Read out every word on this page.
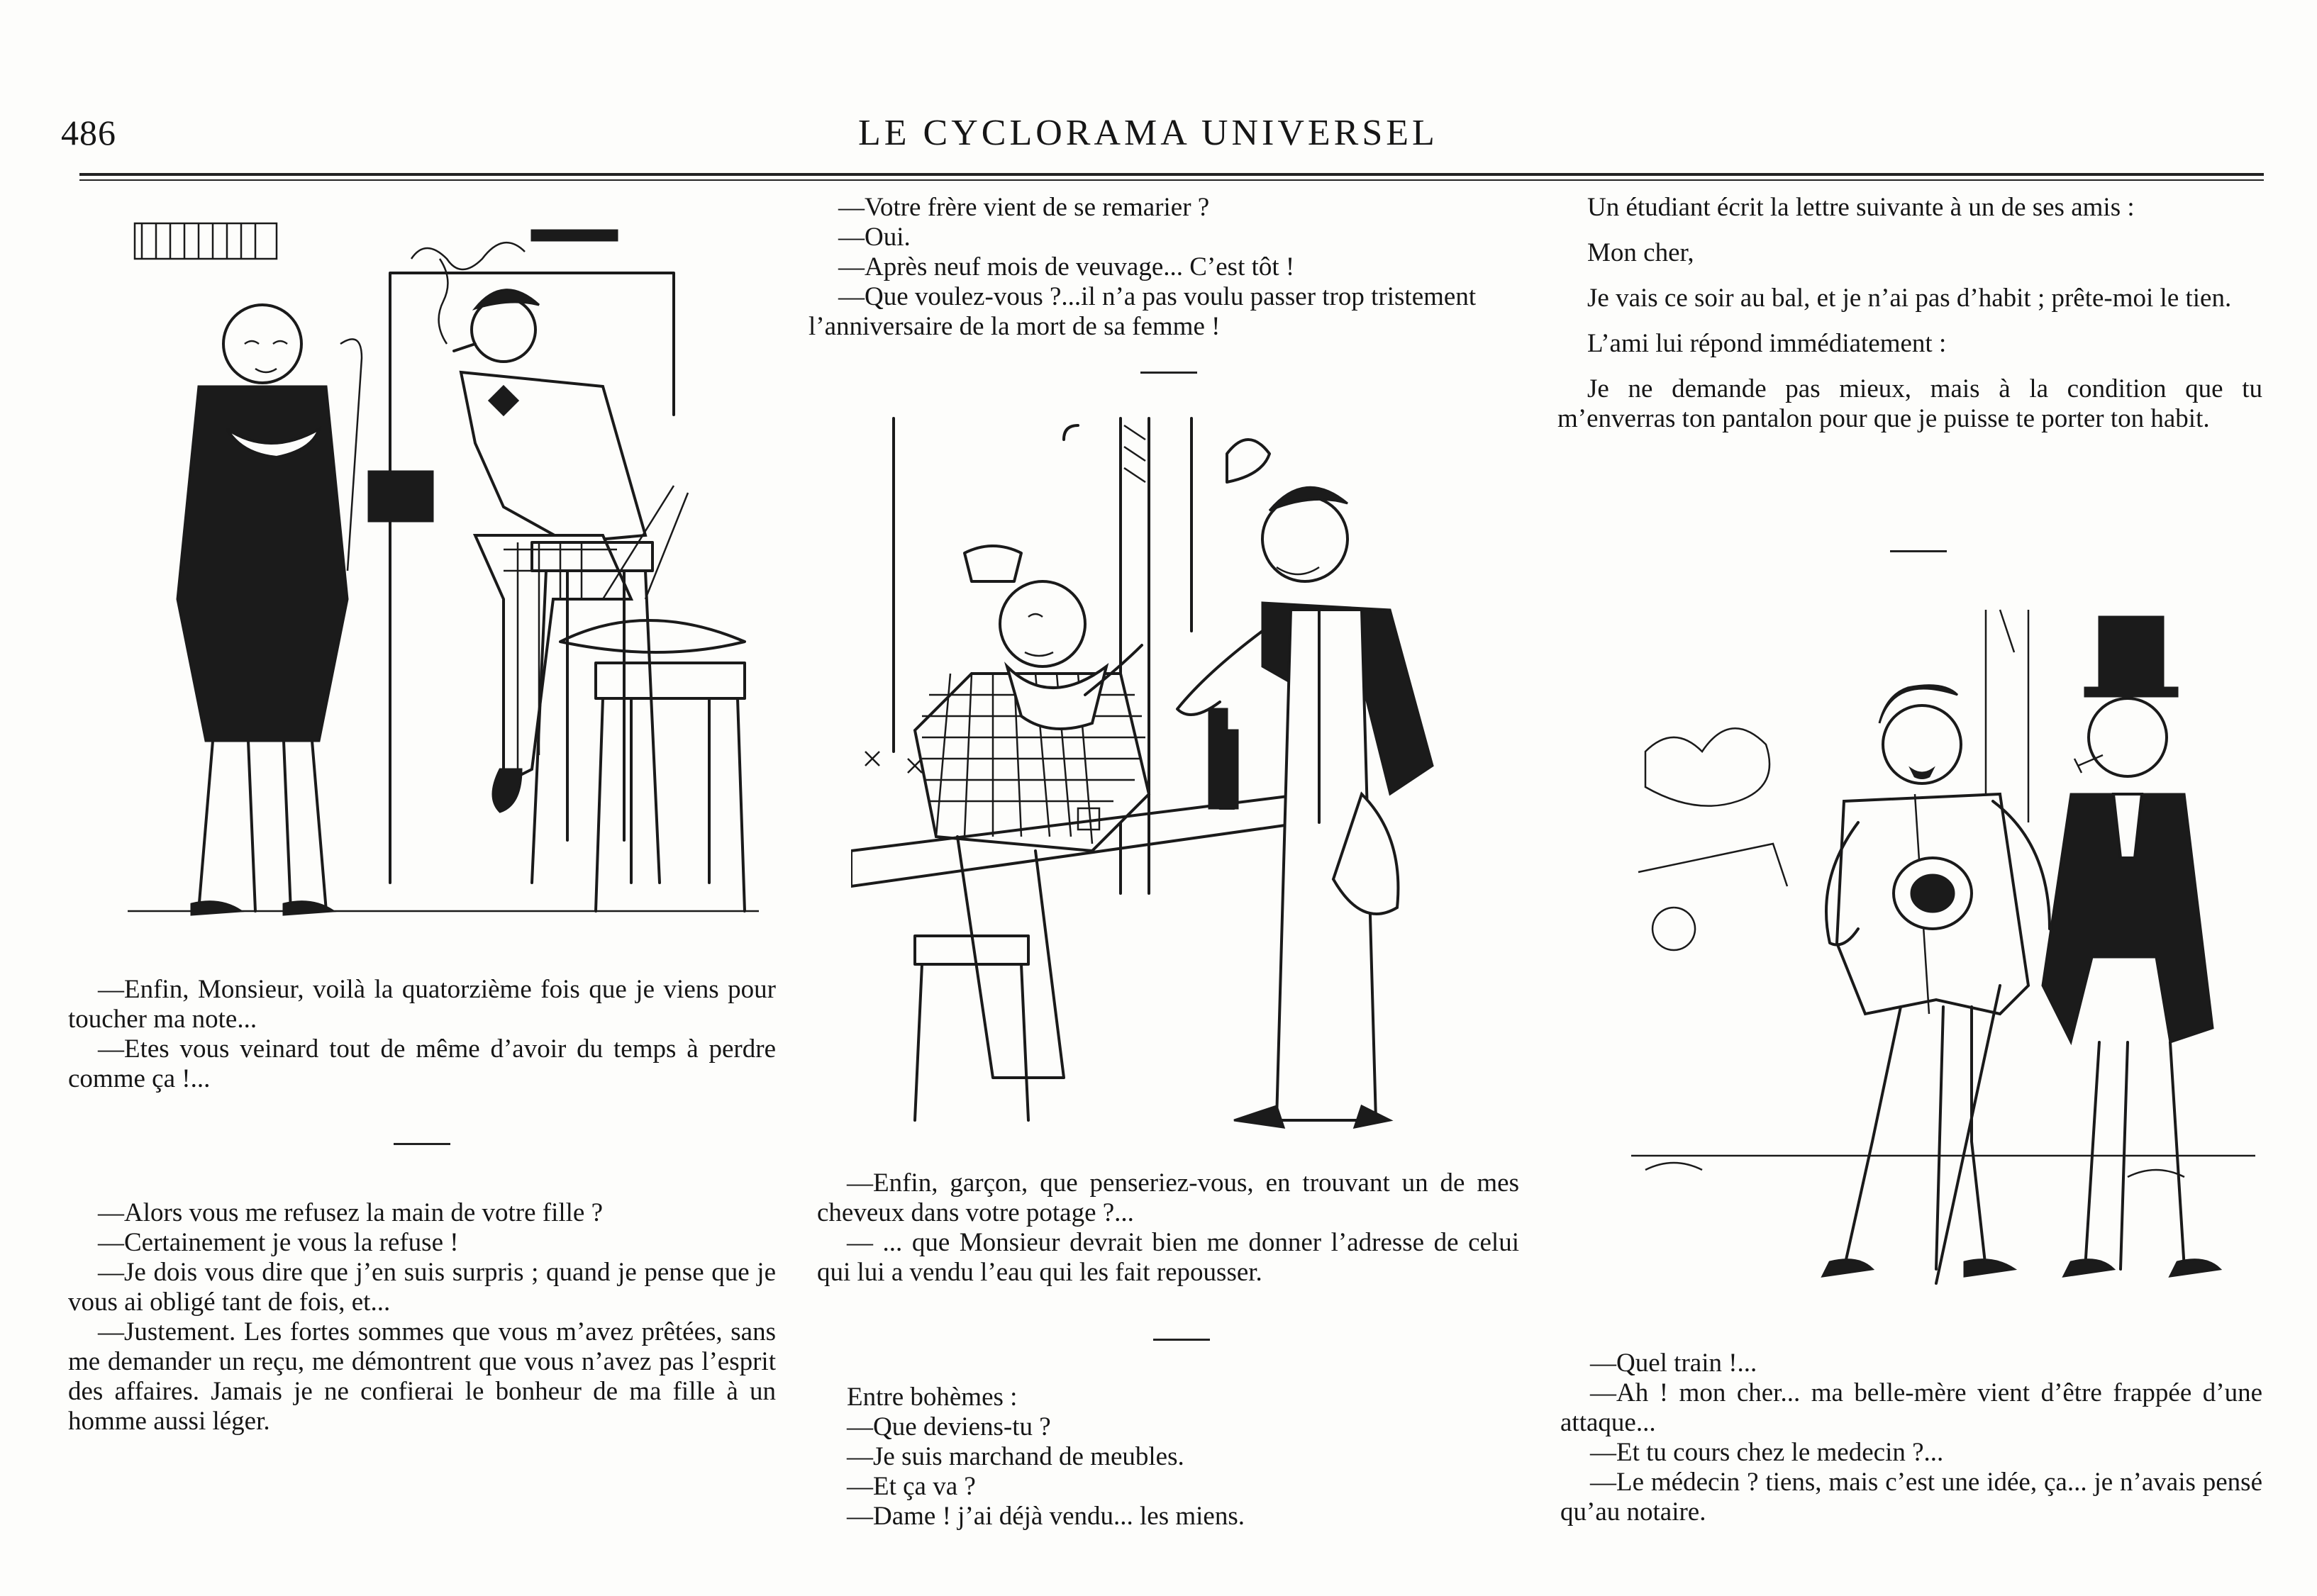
486	LE CYCLORAMA UNIVERSEL

—Enfin, Monsieur, voilà la quatorzième fois que je viens pour toucher ma note...

—Etes vous veinard tout de même d’avoir du temps à perdre comme ça !...

—Alors vous me refusez la main de votre fille ?

—Certainement je vous la refuse !

—Je dois vous dire que j’en suis surpris ; quand je pense que je vous ai obligé tant de fois, et...

—Justement. Les fortes sommes que vous m’avez prêtées, sans me demander un reçu, me démontrent que vous n’avez pas l’esprit des affaires. Jamais je ne confierai le bonheur de ma fille à un homme aussi léger.

—Votre frère vient de se remarier ?

—Oui.

—Après neuf mois de veuvage... C’est tôt !

—Que voulez-vous ?...il n’a pas voulu passer trop tristement l’anniversaire de la mort de sa femme !

—Enfin, garçon, que penseriez-vous, en trouvant un de mes cheveux dans votre potage ?...

— ... que Monsieur devrait bien me donner l’adresse de celui qui lui a vendu l’eau qui les fait repousser.

Entre bohèmes :

—Que deviens-tu ?

—Je suis marchand de meubles.

—Et ça va ?

—Dame ! j’ai déjà vendu... les miens.

Un étudiant écrit la lettre suivante à un de ses amis :

Mon cher,

Je vais ce soir au bal, et je n’ai pas d’habit ; prête-moi le tien.

L’ami lui répond immédiatement :

Je ne demande pas mieux, mais à la condition que tu m’enverras ton pantalon pour que je puisse te porter ton habit.

—Quel train !...

—Ah ! mon cher... ma belle-mère vient d’être frappée d’une attaque...

—Et tu cours chez le medecin ?...

—Le médecin ? tiens, mais c’est une idée, ça... je n’avais pensé qu’au notaire.
